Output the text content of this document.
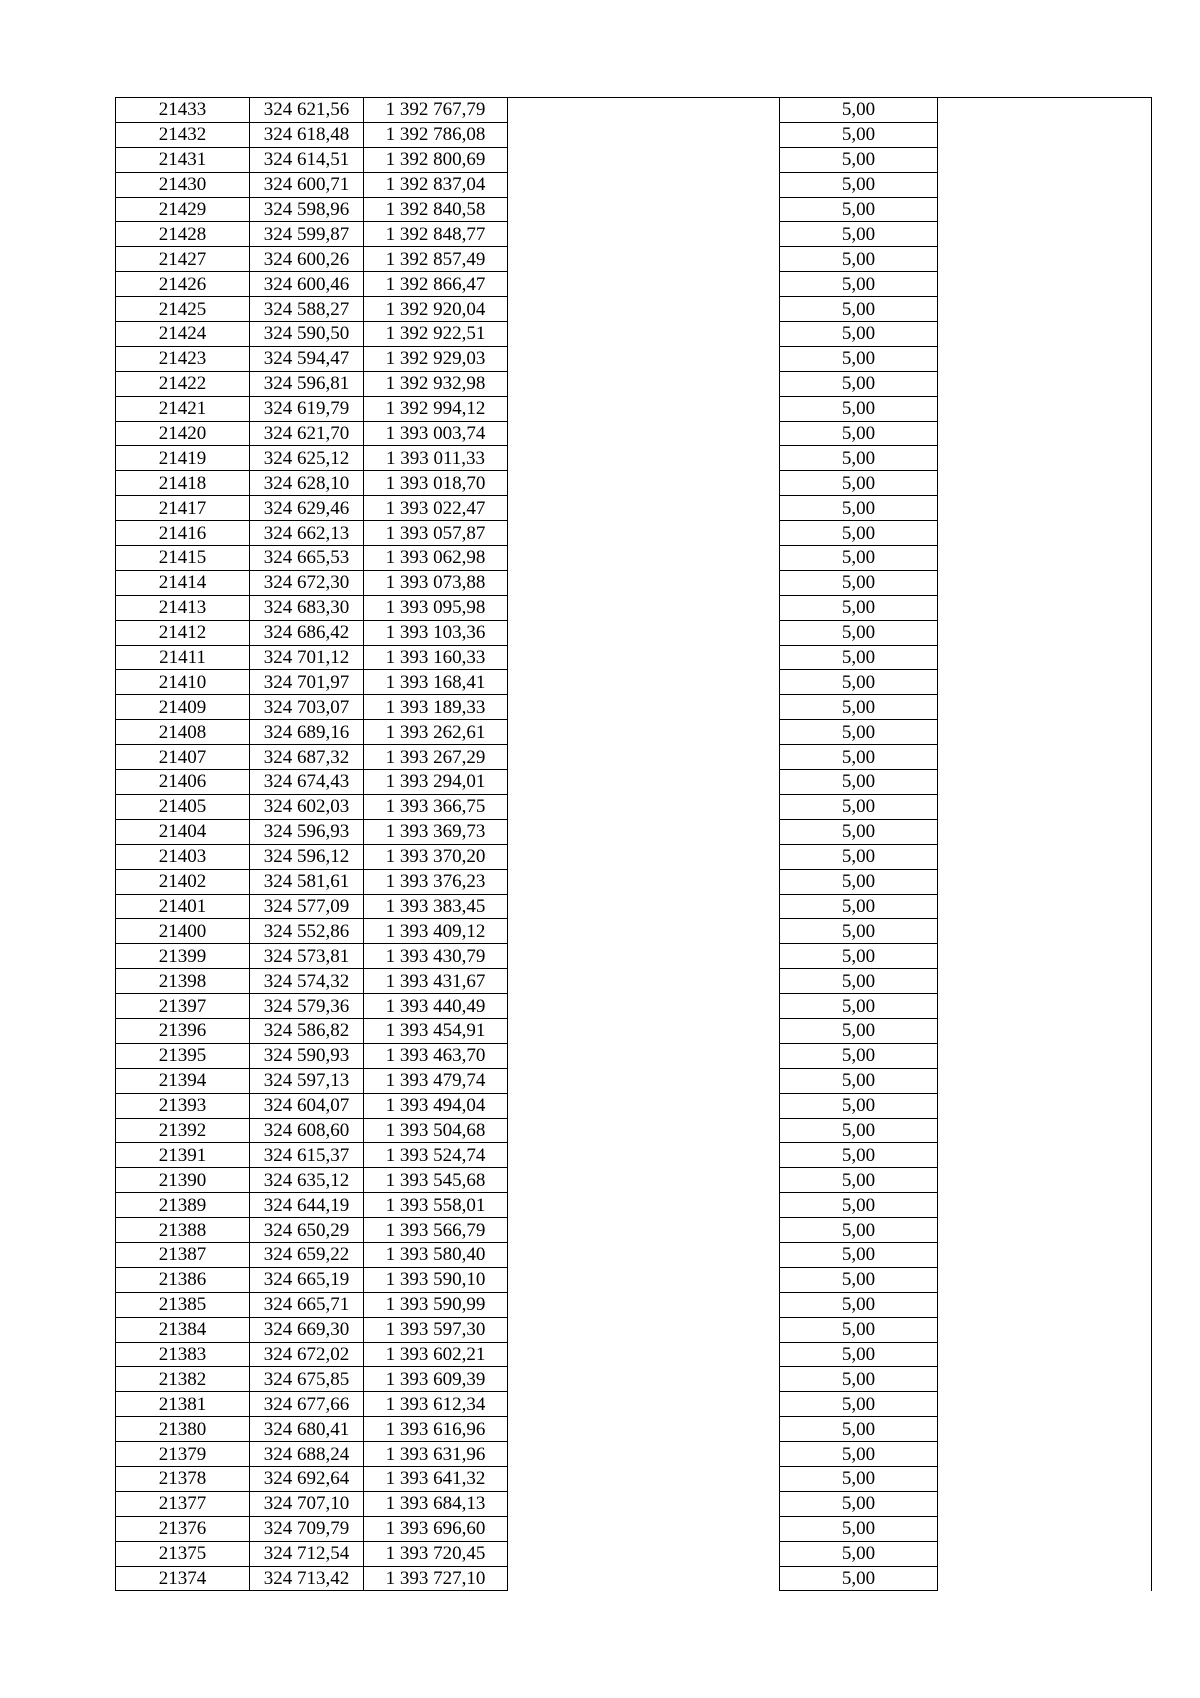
21433	324 621,56	1 392 767,79		5,00	
21432	324 618,48	1 392 786,08		5,00	
21431	324 614,51	1 392 800,69		5,00	
21430	324 600,71	1 392 837,04		5,00	
21429	324 598,96	1 392 840,58		5,00	
21428	324 599,87	1 392 848,77		5,00	
21427	324 600,26	1 392 857,49		5,00	
21426	324 600,46	1 392 866,47		5,00	
21425	324 588,27	1 392 920,04		5,00	
21424	324 590,50	1 392 922,51		5,00	
21423	324 594,47	1 392 929,03		5,00	
21422	324 596,81	1 392 932,98		5,00	
21421	324 619,79	1 392 994,12		5,00	
21420	324 621,70	1 393 003,74		5,00	
21419	324 625,12	1 393 011,33		5,00	
21418	324 628,10	1 393 018,70		5,00	
21417	324 629,46	1 393 022,47		5,00	
21416	324 662,13	1 393 057,87		5,00	
21415	324 665,53	1 393 062,98		5,00	
21414	324 672,30	1 393 073,88		5,00	
21413	324 683,30	1 393 095,98		5,00	
21412	324 686,42	1 393 103,36		5,00	
21411	324 701,12	1 393 160,33		5,00	
21410	324 701,97	1 393 168,41		5,00	
21409	324 703,07	1 393 189,33		5,00	
21408	324 689,16	1 393 262,61		5,00	
21407	324 687,32	1 393 267,29		5,00	
21406	324 674,43	1 393 294,01		5,00	
21405	324 602,03	1 393 366,75		5,00	
21404	324 596,93	1 393 369,73		5,00	
21403	324 596,12	1 393 370,20		5,00	
21402	324 581,61	1 393 376,23		5,00	
21401	324 577,09	1 393 383,45		5,00	
21400	324 552,86	1 393 409,12		5,00	
21399	324 573,81	1 393 430,79		5,00	
21398	324 574,32	1 393 431,67		5,00	
21397	324 579,36	1 393 440,49		5,00	
21396	324 586,82	1 393 454,91		5,00	
21395	324 590,93	1 393 463,70		5,00	
21394	324 597,13	1 393 479,74		5,00	
21393	324 604,07	1 393 494,04		5,00	
21392	324 608,60	1 393 504,68		5,00	
21391	324 615,37	1 393 524,74		5,00	
21390	324 635,12	1 393 545,68		5,00	
21389	324 644,19	1 393 558,01		5,00	
21388	324 650,29	1 393 566,79		5,00	
21387	324 659,22	1 393 580,40		5,00	
21386	324 665,19	1 393 590,10		5,00	
21385	324 665,71	1 393 590,99		5,00	
21384	324 669,30	1 393 597,30		5,00	
21383	324 672,02	1 393 602,21		5,00	
21382	324 675,85	1 393 609,39		5,00	
21381	324 677,66	1 393 612,34		5,00	
21380	324 680,41	1 393 616,96		5,00	
21379	324 688,24	1 393 631,96		5,00	
21378	324 692,64	1 393 641,32		5,00	
21377	324 707,10	1 393 684,13		5,00	
21376	324 709,79	1 393 696,60		5,00	
21375	324 712,54	1 393 720,45		5,00	
21374	324 713,42	1 393 727,10		5,00	
